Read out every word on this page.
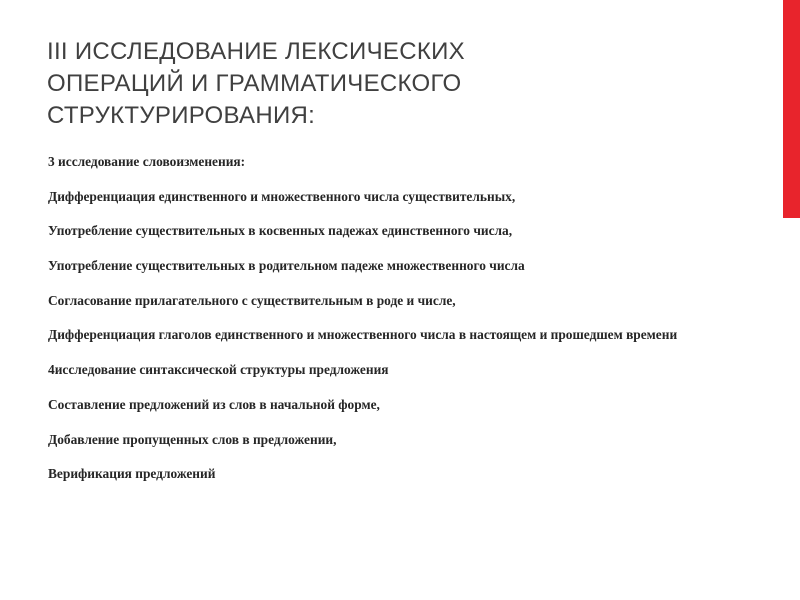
III ИССЛЕДОВАНИЕ ЛЕКСИЧЕСКИХ
ОПЕРАЦИЙ И ГРАММАТИЧЕСКОГО
СТРУКТУРИРОВАНИЯ:
3 исследование словоизменения:
Дифференциация единственного и множественного числа существительных,
Употребление существительных в косвенных падежах единственного числа,
Употребление существительных в родительном падеже множественного числа
Согласование прилагательного с существительным в роде и числе,
Дифференциация глаголов единственного и множественного числа в настоящем и прошедшем времени
4исследование синтаксической структуры предложения
Составление предложений из слов в начальной форме,
Добавление пропущенных слов в предложении,
Верификация предложений
